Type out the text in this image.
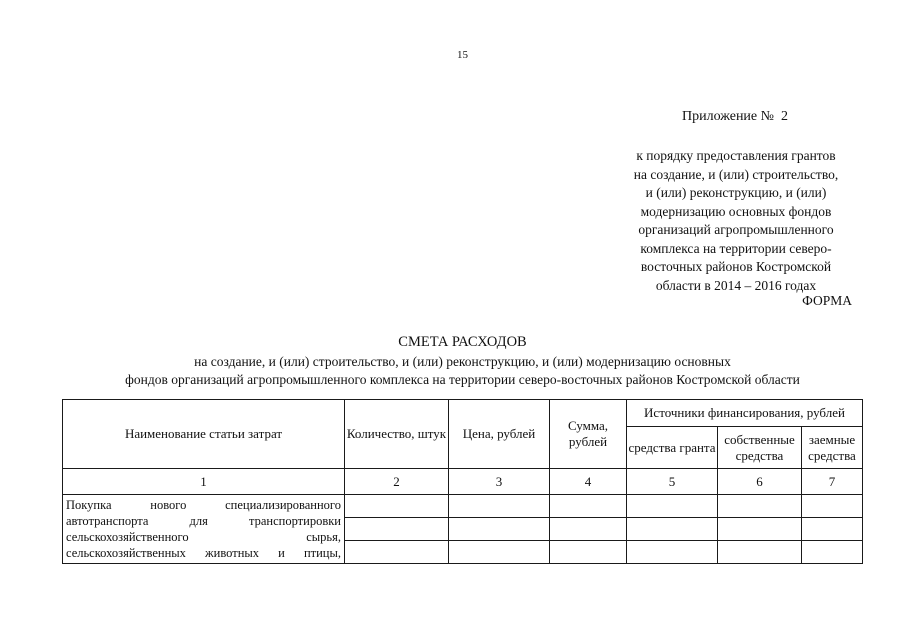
15
Приложение №  2
к порядку предоставления грантов
на создание, и (или) строительство,
и (или) реконструкцию, и (или)
модернизацию основных фондов
организаций агропромышленного
комплекса на территории северо-
восточных районов Костромской
области в 2014 – 2016 годах
ФОРМА
СМЕТА РАСХОДОВ
на создание, и (или) строительство, и (или) реконструкцию, и (или) модернизацию основных
фондов организаций агропромышленного комплекса на территории северо-восточных районов Костромской области
Наименование статьи затрат	Количество, штук	Цена, рублей	Сумма, рублей	Источники финансирования, рублей		
				средства гранта	собственные средства	заемные средства
1	2	3	4	5	6	7

Покупка нового специализированного
автотранспорта для транспортировки
сельскохозяйственного сырья,
сельскохозяйственных животных и птицы,						
